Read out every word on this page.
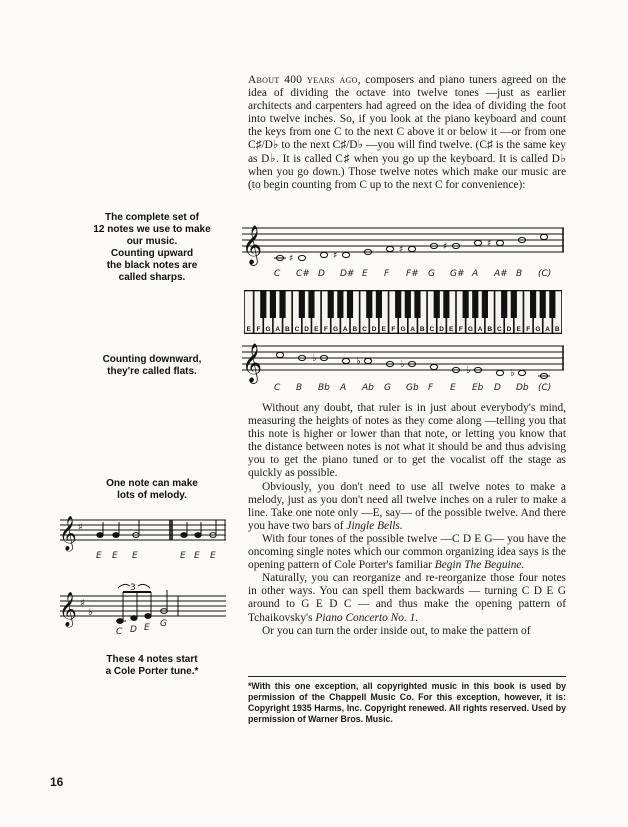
The complete set of
12 notes we use to make
our music.
Counting upward
the black notes are
called sharps.
Counting downward,
they're called flats.
One note can make
lots of melody.
𝄞 ♯
E E E	E E E
𝄞 ♯
♭
3
C D E G
These 4 notes start
a Cole Porter tune.*

About 400 years ago, composers and piano tuners agreed on the idea of dividing the octave into twelve tones —just as earlier architects and carpenters had agreed on the idea of dividing the foot into twelve inches. So, if you look at the piano keyboard and count the keys from one C to the next C above it or below it —or from one C♯/D♭ to the next C♯/D♭ —you will find twelve. (C♯ is the same key as D♭. It is called C♯ when you go up the keyboard. It is called D♭ when you go down.) Those twelve notes which make our music are (to begin counting from C up to the next C for convenience):

𝄞	♯	♯
♯	♯	♯
C C# D D# E F F# G G# A A# B (C)
E F G A B C D E F G A B C D E F G A B C D E F G A B C D E F G A B
𝄞	♭	♭	♭
♭	♭
C B Bb A Ab G Gb F E Eb D Db (C)

Without any doubt, that ruler is in just about everybody's mind, measuring the heights of notes as they come along —telling you that this note is higher or lower than that note, or letting you know that the distance between notes is not what it should be and thus advising you to get the piano tuned or to get the vocalist off the stage as quickly as possible.

Obviously, you don't need to use all twelve notes to make a melody, just as you don't need all twelve inches on a ruler to make a line. Take one note only —E, say— of the possible twelve. And there you have two bars of Jingle Bells.

With four tones of the possible twelve —C D E G— you have the oncoming single notes which our common organizing idea says is the opening pattern of Cole Porter's familiar Begin The Beguine.

Naturally, you can reorganize and re-reorganize those four notes in other ways. You can spell them backwards — turning C D E G around to G E D C — and thus make the opening pattern of Tchaikovsky's Piano Concerto No. 1.

Or you can turn the order inside out, to make the pattern of

*With this one exception, all copyrighted music in this book is used by permission of the Chappell Music Co. For this exception, however, it is: Copyright 1935 Harms, Inc. Copyright renewed. All rights reserved. Used by permission of Warner Bros. Music.
16
